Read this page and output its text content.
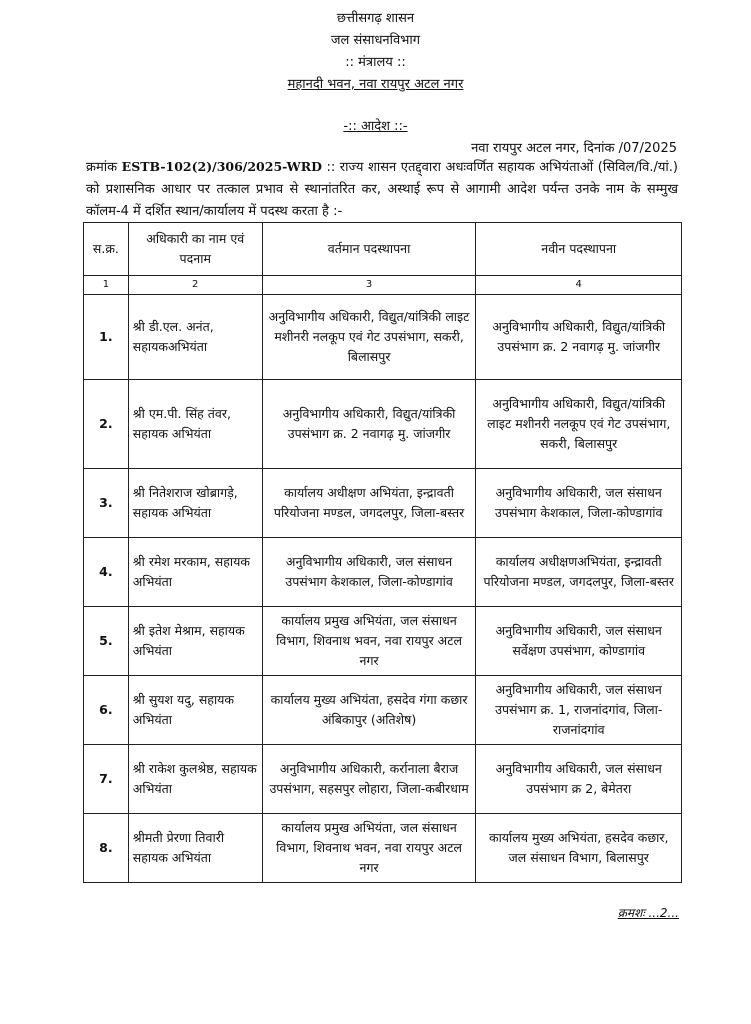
छत्तीसगढ़ शासन
जल संसाधनविभाग
:: मंत्रालय ::
महानदी भवन, नवा रायपुर अटल नगर
-:: आदेश ::-
नवा रायपुर अटल नगर, दिनांक /07/2025
क्रमांक ESTB-102(2)/306/2025-WRD :: राज्य शासन एतद्द्वारा अधःवर्णित सहायक अभियंताओं (सिविल/वि./यां.) को प्रशासनिक आधार पर तत्काल प्रभाव से स्थानांतरित कर, अस्थाई रूप से आगामी आदेश पर्यन्त उनके नाम के सम्मुख कॉलम-4 में दर्शित स्थान/कार्यालय में पदस्थ करता है :-
स.क्र.	अधिकारी का नाम एवं पदनाम	वर्तमान पदस्थापना	नवीन पदस्थापना
1	2	3	4
1.	श्री डी.एल. अनंत, सहायकअभियंता	अनुविभागीय अधिकारी, विद्युत/यांत्रिकी लाइट मशीनरी नलकूप एवं गेट उपसंभाग, सकरी, बिलासपुर	अनुविभागीय अधिकारी, विद्युत/यांत्रिकी उपसंभाग क्र. 2 नवागढ़ मु. जांजगीर
2.	श्री एम.पी. सिंह तंवर, सहायक अभियंता	अनुविभागीय अधिकारी, विद्युत/यांत्रिकी उपसंभाग क्र. 2 नवागढ़ मु. जांजगीर	अनुविभागीय अधिकारी, विद्युत/यांत्रिकी लाइट मशीनरी नलकूप एवं गेट उपसंभाग, सकरी, बिलासपुर
3.	श्री नितेशराज खोब्रागड़े, सहायक अभियंता	कार्यालय अधीक्षण अभियंता, इन्द्रावती परियोजना मण्डल, जगदलपुर, जिला-बस्तर	अनुविभागीय अधिकारी, जल संसाधन उपसंभाग केशकाल, जिला-कोण्डागांव
4.	श्री रमेश मरकाम, सहायक अभियंता	अनुविभागीय अधिकारी, जल संसाधन उपसंभाग केशकाल, जिला-कोण्डागांव	कार्यालय अधीक्षणअभियंता, इन्द्रावती परियोजना मण्डल, जगदलपुर, जिला-बस्तर
5.	श्री इतेश मेश्राम, सहायक अभियंता	कार्यालय प्रमुख अभियंता, जल संसाधन विभाग, शिवनाथ भवन, नवा रायपुर अटल नगर	अनुविभागीय अधिकारी, जल संसाधन सर्वेक्षण उपसंभाग, कोण्डागांव
6.	श्री सुयश यदु, सहायक अभियंता	कार्यालय मुख्य अभियंता, हसदेव गंगा कछार अंबिकापुर (अतिशेष)	अनुविभागीय अधिकारी, जल संसाधन उपसंभाग क्र. 1, राजनांदगांव, जिला-राजनांदगांव
7.	श्री राकेश कुलश्रेष्ठ, सहायक अभियंता	अनुविभागीय अधिकारी, कर्रानाला बैराज उपसंभाग, सहसपुर लोहारा, जिला-कबीरधाम	अनुविभागीय अधिकारी, जल संसाधन उपसंभाग क्र 2, बेमेतरा
8.	श्रीमती प्रेरणा तिवारी सहायक अभियंता	कार्यालय प्रमुख अभियंता, जल संसाधन विभाग, शिवनाथ भवन, नवा रायपुर अटल नगर	कार्यालय मुख्य अभियंता, हसदेव कछार, जल संसाधन विभाग, बिलासपुर
क्रमशः ...2...
